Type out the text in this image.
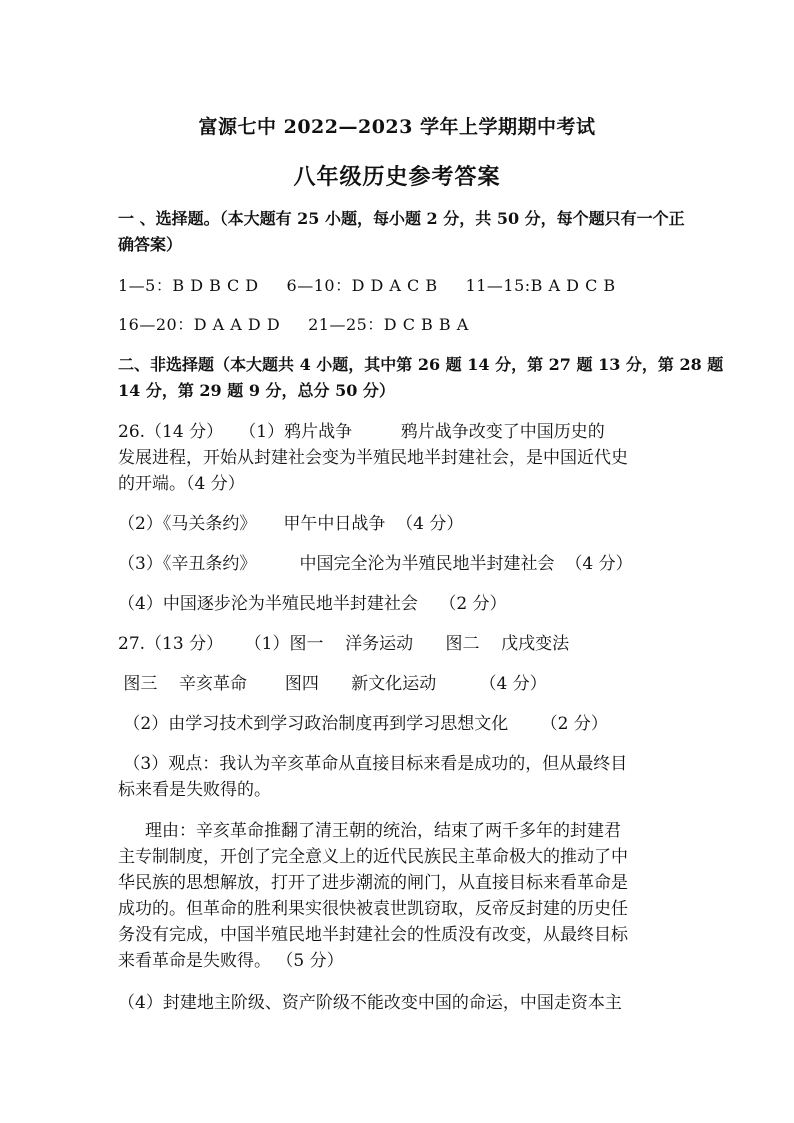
富源七中 2022—2023 学年上学期期中考试
八年级历史参考答案
一 、选择题。（本大题有 25 小题，每小题 2 分，共 50 分，每个题只有一个正
确答案）
1—5：B D B C D     6—10：D D A C B     11—15:B A D C B
16—20：D A A D D     21—25：D C B B A
二、非选择题（本大题共 4 小题，其中第 26 题 14 分，第 27 题 13 分，第 28 题
14 分，第 29 题 9 分，总分 50 分）
26.（14 分）   （1）鸦片战争         鸦片战争改变了中国历史的
发展进程，开始从封建社会变为半殖民地半封建社会，是中国近代史
的开端。（4 分）
（2）《马关条约》     甲午中日战争  （4 分）
（3）《辛丑条约》        中国完全沦为半殖民地半封建社会  （4 分）
（4）中国逐步沦为半殖民地半封建社会    （2 分）
27.（13 分）    （1）图一    洋务运动      图二    戊戌变法
图三    辛亥革命       图四      新文化运动        （4 分）
（2）由学习技术到学习政治制度再到学习思想文化      （2 分）
（3）观点：我认为辛亥革命从直接目标来看是成功的，但从最终目
标来看是失败得的。
理由：辛亥革命推翻了清王朝的统治，结束了两千多年的封建君
主专制制度，开创了完全意义上的近代民族民主革命极大的推动了中
华民族的思想解放，打开了进步潮流的闸门，从直接目标来看革命是
成功的。但革命的胜利果实很快被袁世凯窃取，反帝反封建的历史任
务没有完成，中国半殖民地半封建社会的性质没有改变，从最终目标
来看革命是失败得。 （5 分）
（4）封建地主阶级、资产阶级不能改变中国的命运，中国走资本主
